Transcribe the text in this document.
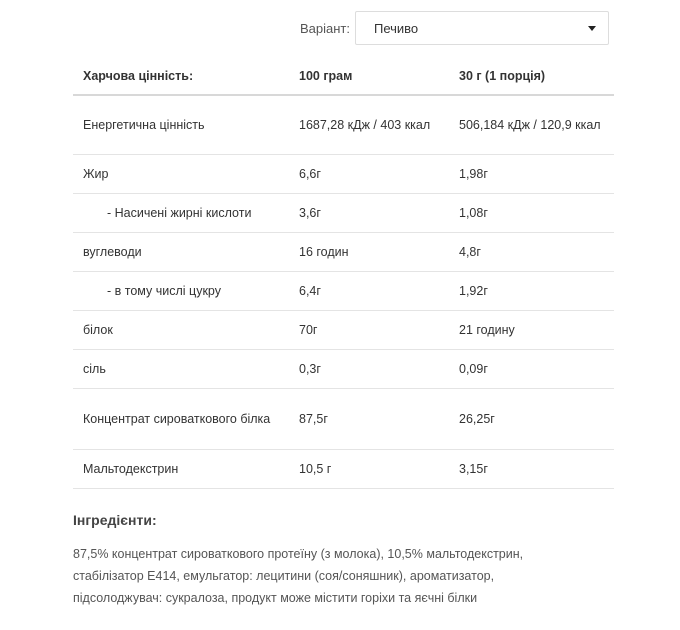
Варіант: Печиво
Харчова цінність:	100 грам	30 г (1 порція)
Енергетична цінність	1687,28 кДж / 403 ккал	506,184 кДж / 120,9 ккал
Жир	6,6г	1,98г
- Насичені жирні кислоти	3,6г	1,08г
вуглеводи	16 годин	4,8г
- в тому числі цукру	6,4г	1,92г
білок	70г	21 годину
сіль	0,3г	0,09г
Концентрат сироваткового білка	87,5г	26,25г
Мальтодекстрин	10,5 г	3,15г
Інгредієнти:

87,5% концентрат сироваткового протеїну (з молока), 10,5% мальтодекстрин, стабілізатор Е414, емульгатор: лецитини (соя/соняшник), ароматизатор, підсолоджувач: сукралоза, продукт може містити горіхи та яєчні білки
